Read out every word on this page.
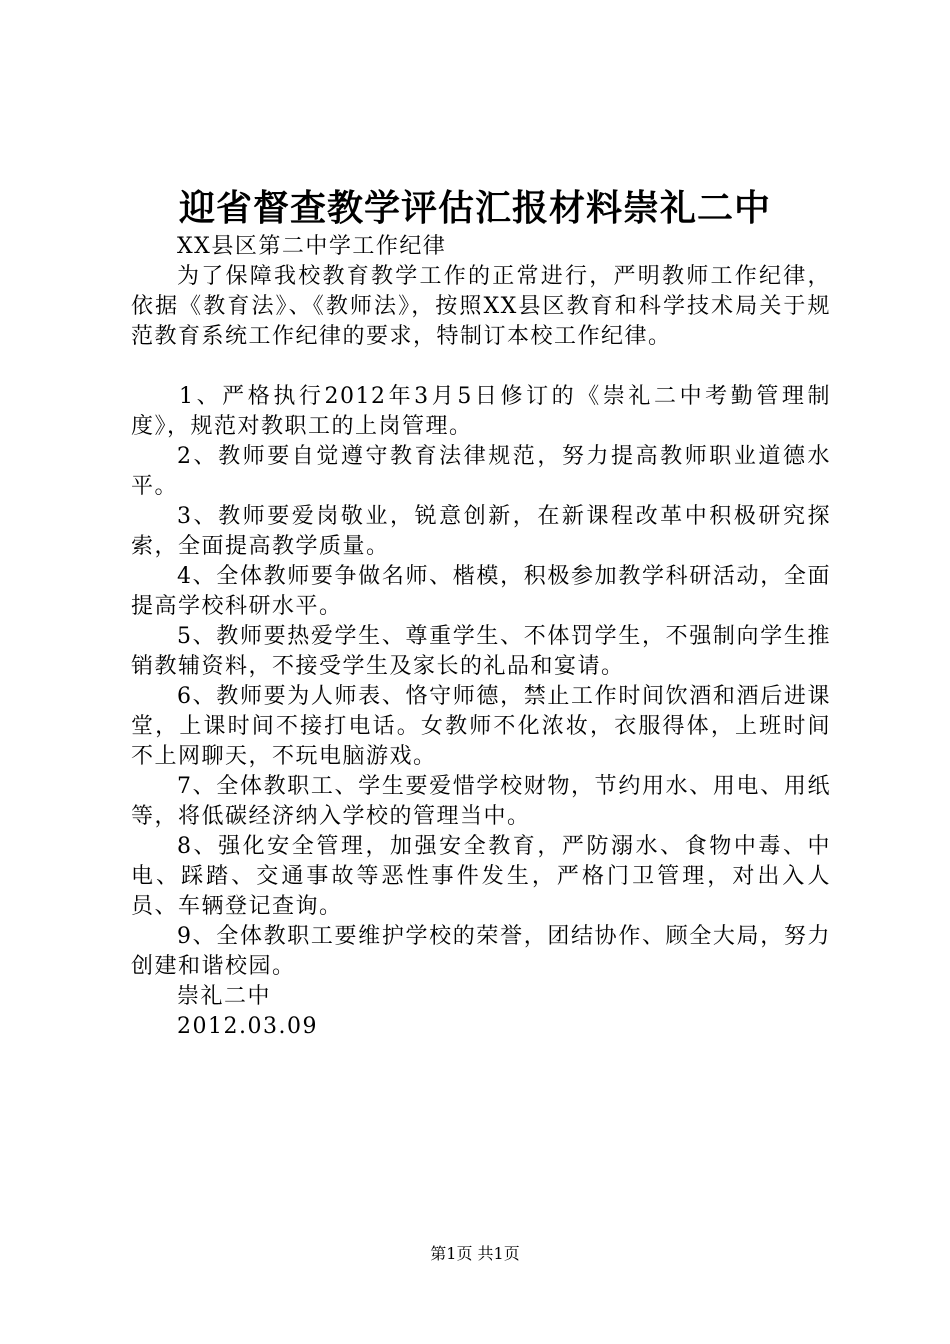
迎省督查教学评估汇报材料崇礼二中

XX县区第二中学工作纪律

为了保障我校教育教学工作的正常进行，严明教师工作纪律，依据《教育法》、《教师法》，按照XX县区教育和科学技术局关于规范教育系统工作纪律的要求，特制订本校工作纪律。

1、严格执行2012年3月5日修订的《崇礼二中考勤管理制度》，规范对教职工的上岗管理。

2、教师要自觉遵守教育法律规范，努力提高教师职业道德水平。

3、教师要爱岗敬业，锐意创新，在新课程改革中积极研究探索，全面提高教学质量。

4、全体教师要争做名师、楷模，积极参加教学科研活动，全面提高学校科研水平。

5、教师要热爱学生、尊重学生、不体罚学生，不强制向学生推销教辅资料，不接受学生及家长的礼品和宴请。

6、教师要为人师表、恪守师德，禁止工作时间饮酒和酒后进课堂，上课时间不接打电话。女教师不化浓妆，衣服得体，上班时间不上网聊天，不玩电脑游戏。

7、全体教职工、学生要爱惜学校财物，节约用水、用电、用纸等，将低碳经济纳入学校的管理当中。

8、强化安全管理，加强安全教育，严防溺水、食物中毒、中电、踩踏、交通事故等恶性事件发生，严格门卫管理，对出入人员、车辆登记查询。

9、全体教职工要维护学校的荣誉，团结协作、顾全大局，努力创建和谐校园。

崇礼二中

2012.03.09

第1页 共1页
